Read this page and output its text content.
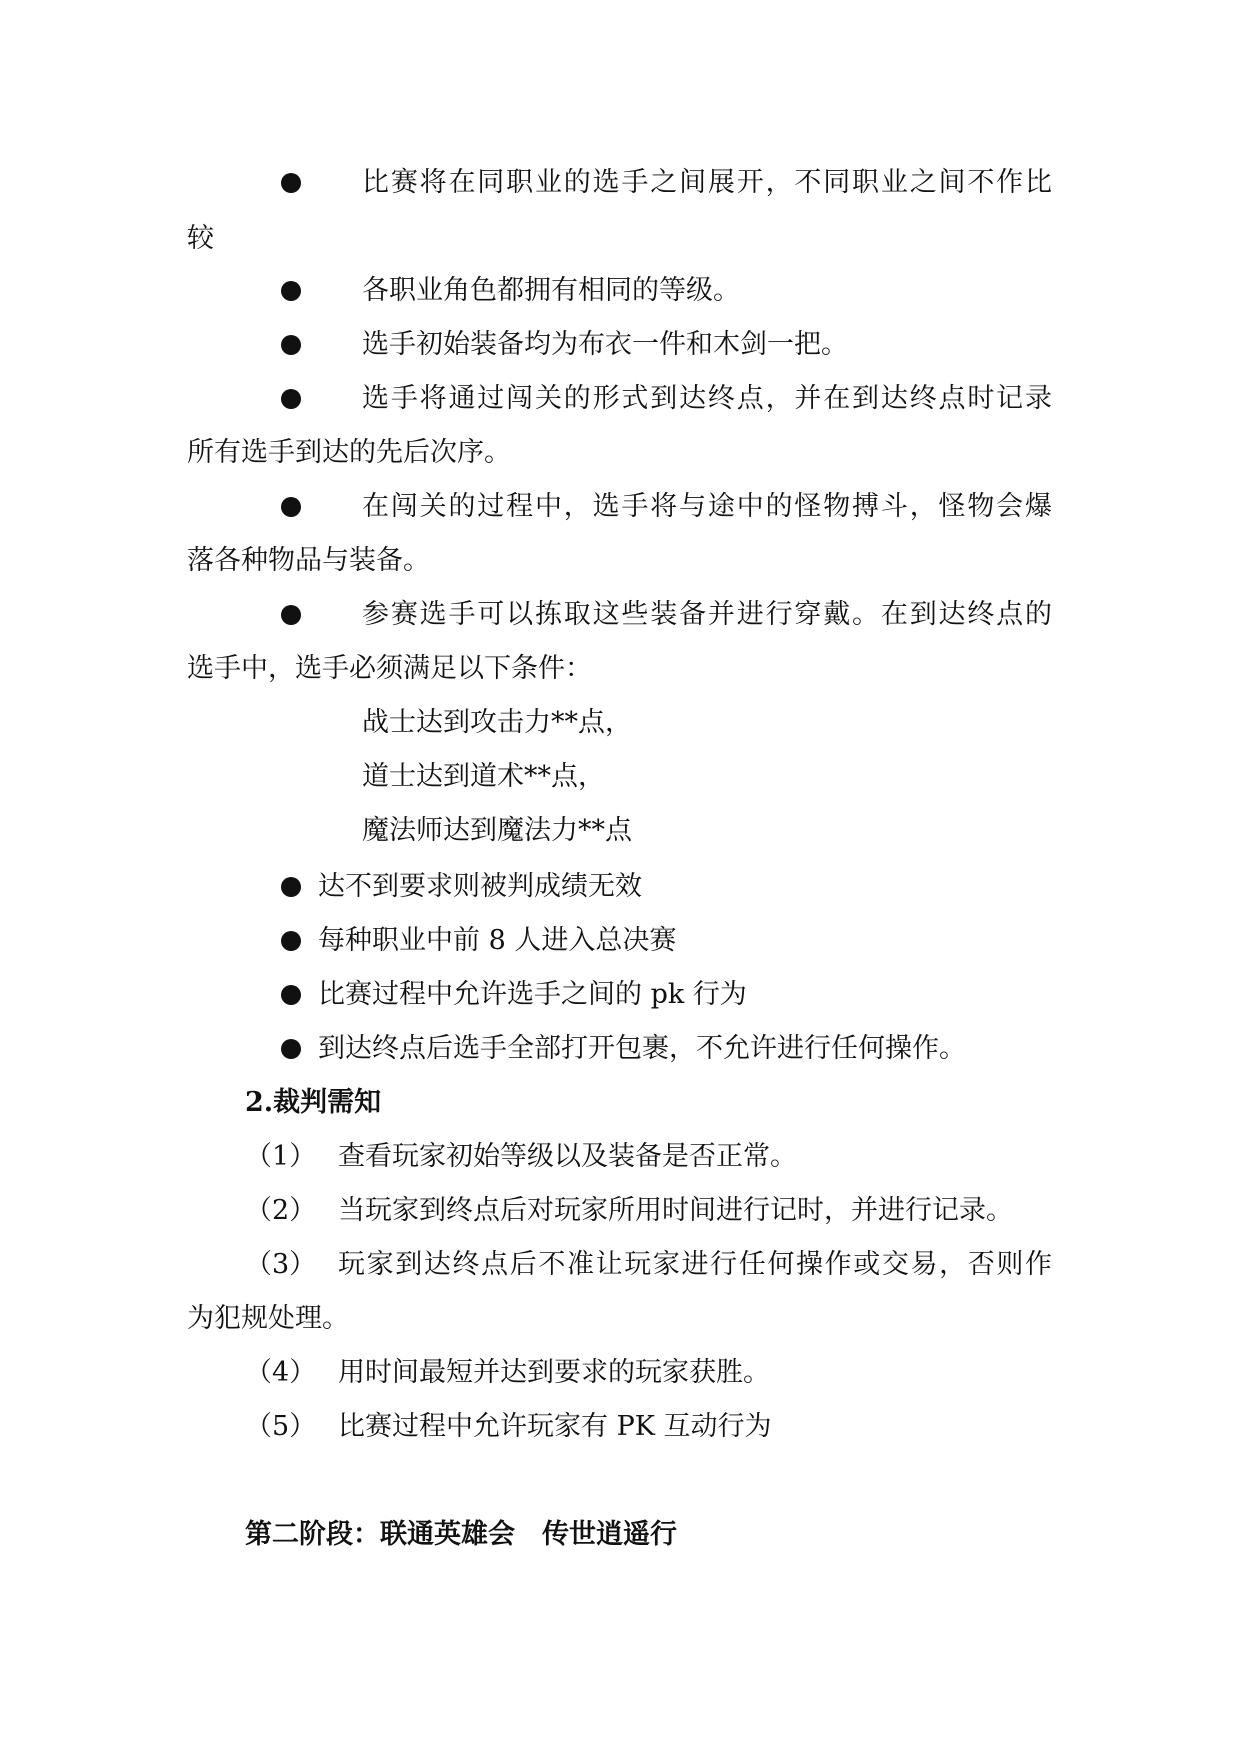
比赛将在同职业的选手之间展开，不同职业之间不作比
较
各职业角色都拥有相同的等级。
选手初始装备均为布衣一件和木剑一把。
选手将通过闯关的形式到达终点，并在到达终点时记录
所有选手到达的先后次序。
在闯关的过程中，选手将与途中的怪物搏斗，怪物会爆
落各种物品与装备。
参赛选手可以拣取这些装备并进行穿戴。在到达终点的
选手中，选手必须满足以下条件：
战士达到攻击力**点，
道士达到道术**点，
魔法师达到魔法力**点
达不到要求则被判成绩无效
每种职业中前 8 人进入总决赛
比赛过程中允许选手之间的 pk 行为
到达终点后选手全部打开包裹，不允许进行任何操作。
2.裁判需知
（1） 查看玩家初始等级以及装备是否正常。
（2） 当玩家到终点后对玩家所用时间进行记时，并进行记录。
（3） 玩家到达终点后不准让玩家进行任何操作或交易，否则作
为犯规处理。
（4） 用时间最短并达到要求的玩家获胜。
（5） 比赛过程中允许玩家有 PK 互动行为
第二阶段：联通英雄会　传世逍遥行
